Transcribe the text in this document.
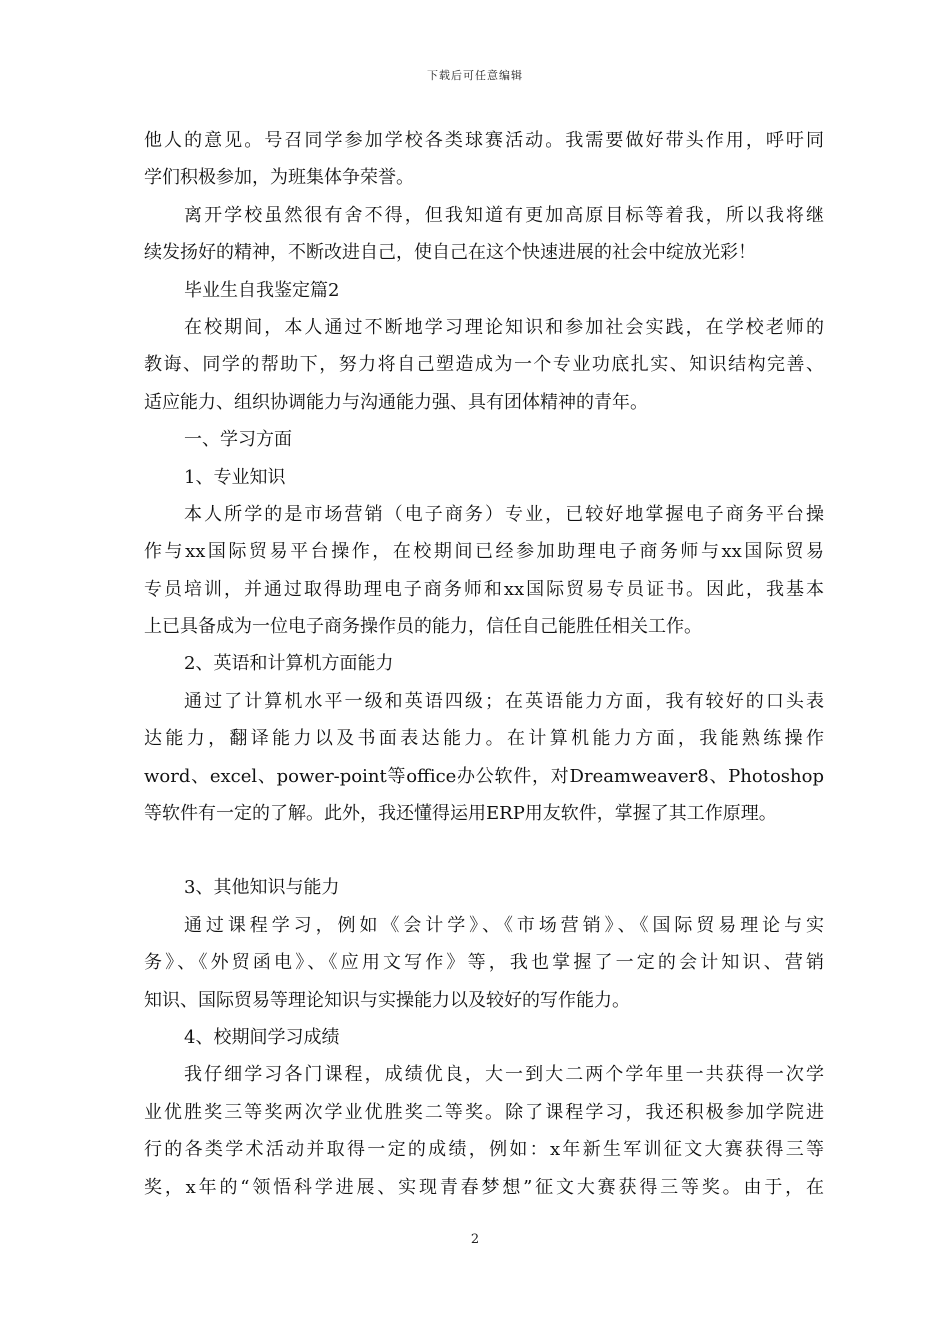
下载后可任意编辑
他人的意见。号召同学参加学校各类球赛活动。我需要做好带头作用，呼吁同
学们积极参加，为班集体争荣誉。
离开学校虽然很有舍不得，但我知道有更加高原目标等着我，所以我将继
续发扬好的精神，不断改进自己，使自己在这个快速进展的社会中绽放光彩！
毕业生自我鉴定篇2
在校期间，本人通过不断地学习理论知识和参加社会实践，在学校老师的
教诲、同学的帮助下，努力将自己塑造成为一个专业功底扎实、知识结构完善、
适应能力、组织协调能力与沟通能力强、具有团体精神的青年。
一、学习方面
1、专业知识
本人所学的是市场营销（电子商务）专业，已较好地掌握电子商务平台操
作与xx国际贸易平台操作，在校期间已经参加助理电子商务师与xx国际贸易
专员培训，并通过取得助理电子商务师和xx国际贸易专员证书。因此，我基本
上已具备成为一位电子商务操作员的能力，信任自己能胜任相关工作。
2、英语和计算机方面能力
通过了计算机水平一级和英语四级；在英语能力方面，我有较好的口头表
达能力，翻译能力以及书面表达能力。在计算机能力方面，我能熟练操作
word、excel、power-point等office办公软件，对Dreamweaver8、Photoshop
等软件有一定的了解。此外，我还懂得运用ERP用友软件，掌握了其工作原理。
3、其他知识与能力
通过课程学习，例如《会计学》、《市场营销》、《国际贸易理论与实
务》、《外贸函电》、《应用文写作》等，我也掌握了一定的会计知识、营销
知识、国际贸易等理论知识与实操能力以及较好的写作能力。
4、校期间学习成绩
我仔细学习各门课程，成绩优良，大一到大二两个学年里一共获得一次学
业优胜奖三等奖两次学业优胜奖二等奖。除了课程学习，我还积极参加学院进
行的各类学术活动并取得一定的成绩，例如：x年新生军训征文大赛获得三等
奖，x年的“领悟科学进展、实现青春梦想”征文大赛获得三等奖。由于，在
2
